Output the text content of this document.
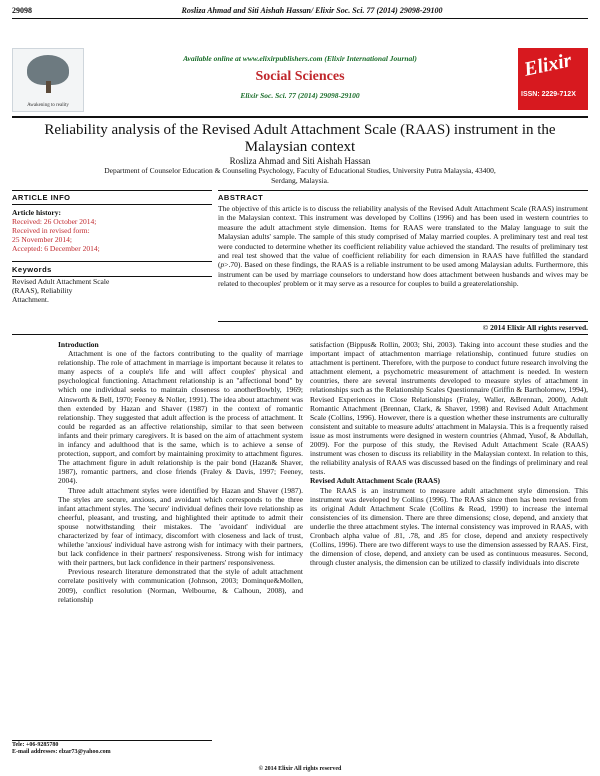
29098	Rosliza Ahmad and Siti Aishah Hassan/ Elixir Soc. Sci. 77 (2014) 29098-29100
Awakening to reality
Available online at www.elixirpublishers.com (Elixir International Journal)
Social Sciences
Elixir Soc. Sci. 77 (2014) 29098-29100
Elixir
ISSN: 2229-712X
Reliability analysis of the Revised Adult Attachment Scale (RAAS) instrument in the Malaysian context
Rosliza Ahmad and Siti Aishah Hassan
Department of Counselor Education & Counseling Psychology, Faculty of Educational Studies, University Putra Malaysia, 43400,
Serdang, Malaysia.
ARTICLE INFO
Article history:
Received: 26 October 2014;
Received in revised form:
25 November 2014;
Accepted: 6 December 2014;
Keywords
Revised Adult Attachment Scale
(RAAS), Reliability
Attachment.
ABSTRACT
The objective of this article is to discuss the reliability analysis of the Revised Adult Attachment Scale (RAAS) instrument in the Malaysian context. This instrument was developed by Collins (1996) and has been used in western countries to measure the adult attachment style dimension. Items for RAAS were translated to the Malay language to suit the Malaysian adults' sample. The sample of this study comprised of Malay married couples. A preliminary test and real test were conducted to determine whether its coefficient reliability value achieved the standard. The results of preliminary test and real test showed that the value of coefficient reliability for each dimension in RAAS have fulfilled the standard (p>.70). Based on these findings, the RAAS is a reliable instrument to be used among Malaysian adults. Furthermore, this instrument can be used by marriage counselors to understand how does attachment between husbands and wives may be related to thecouples' problem or it may serve as a resource for couples to build a greaterelationship.
© 2014 Elixir All rights reserved.

Introduction

Attachment is one of the factors contributing to the quality of marriage relationship. The role of attachment in marriage is important because it relates to many aspects of a couple's life and will affect couples' physical and psychological functioning. Attachment relationship is an "affectional bond" by which one individual seeks to maintain closeness to anotherBowbly, 1969; Ainsworth & Bell, 1970; Feeney & Noller, 1991). The idea about attachment was then extended by Hazan and Shaver (1987) in the context of romantic relationship. They suggested that adult affection is the process of attachment. It could be regarded as an affective relationship, similar to that seen between infants and their primary caregivers. It is based on the aim of attachment system in infancy and adulthood that is the same, which is to achieve a sense of protection, support, and comfort by maintaining proximity to attachment figures. The attachment figure in adult relationship is the pair bond (Hazan& Shaver, 1987), romantic partners, and close friends (Fraley & Davis, 1997; Feeney, 2004).

Three adult attachment styles were identified by Hazan and Shaver (1987). The styles are secure, anxious, and avoidant which corresponds to the three infant attachment styles. The 'secure' individual defines their love relationship as cheerful, pleasant, and trusting, and highlighted their aptitude to admit their spouse notwithstanding their mistakes. The 'avoidant' individual are characterized by fear of intimacy, discomfort with closeness and lack of trust, whilethe 'anxious' individual have astrong wish for intimacy with their partners, but lack confidence in their partners' responsiveness. Strong wish for intimacy with their partners, but lack confidence in their partners' responsiveness.

Previous research literature demonstrated that the style of adult attachment correlate positively with communication (Johnson, 2003; Dominque&Mollen, 2009), conflict resolution (Norman, Welbourne, & Calhoun, 2008), and relationship

satisfaction (Bippus& Rollin, 2003; Shi, 2003). Taking into account these studies and the important impact of attachmenton marriage relationship, continued future studies on attachment is pertinent. Therefore, with the purpose to conduct future research involving the attachment element, a psychometric measurement of attachment is needed. In western countries, there are several instruments developed to measure styles of attachment in relationships such as the Relationship Scales Questionnaire (Griffin & Bartholomew, 1994), Revised Experiences in Close Relationships (Fraley, Waller, &Brennan, 2000), Adult Romantic Attachment (Brennan, Clark, & Shaver, 1998) and Revised Adult Attachment Scale (Collins, 1996). However, there is a question whether these instruments are culturally consistent and suitable to measure adults' attachment in Malaysia. This is a frequently raised issue as most instruments were designed in western countries (Ahmad, Yusof, & Abdullah, 2009). For the purpose of this study, the Revised Adult Attachment Scale (RAAS) instrument was chosen to discuss its reliability in the Malaysian context. In relation to this, the reliability analysis of RAAS was discussed based on the findings of preliminary and real tests.

Revised Adult Attachment Scale (RAAS)

The RAAS is an instrument to measure adult attachment style dimension. This instrument was developed by Collins (1996). The RAAS since then has been revised from its original Adult Attachment Scale (Collins & Read, 1990) to increase the internal consistencies of its dimension. There are three dimensions; close, depend, and anxiety that underlie the three attachment styles. The internal consistency was improved in RAAS, with Cronbach alpha value of .81, .78, and .85 for close, depend and anxiety respectively (Collins, 1996). There are two different ways to use the dimension assessed by RAAS. First, the dimension of close, depend, and anxiety can be used as continuous measures. Second, through cluster analysis, the dimension can be utilized to classify individuals into discrete

Tele: +06-9285780
E-mail addresses: elzar73@yahoo.com
© 2014 Elixir All rights reserved
